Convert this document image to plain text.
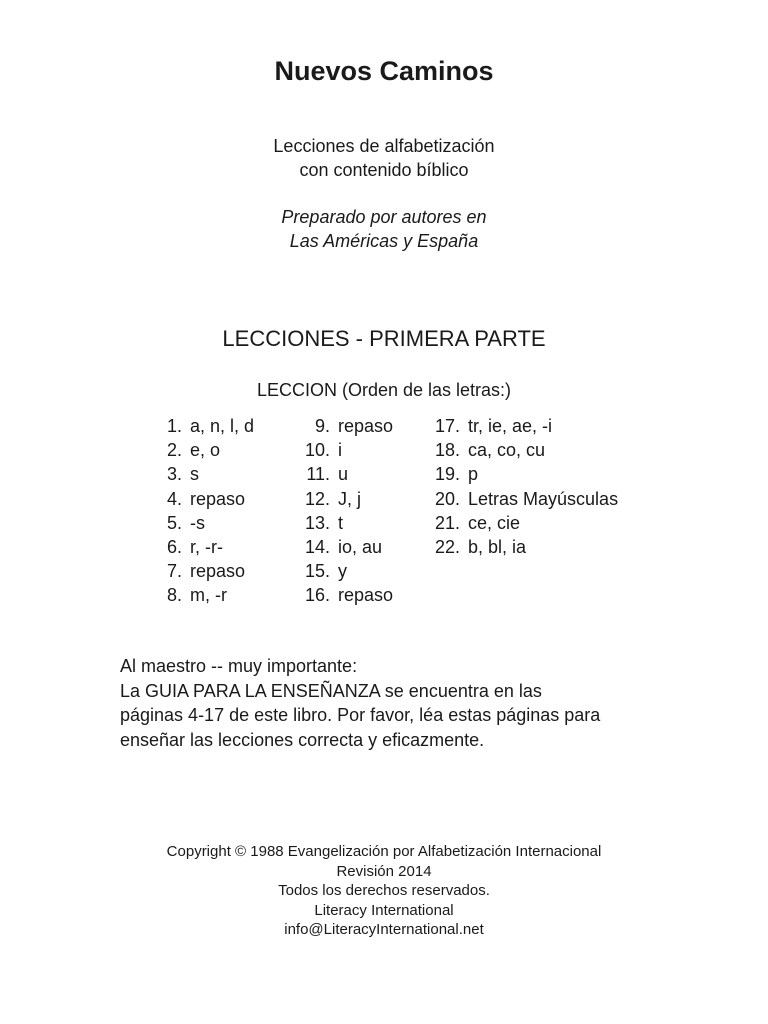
Nuevos Caminos
Lecciones de alfabetización
con contenido bíblico
Preparado por autores en
Las Américas y España
LECCIONES - PRIMERA PARTE
LECCION (Orden de las letras:)
1. a, n, l, d
2. e, o
3. s
4. repaso
5. -s
6. r, -r-
7. repaso
8. m, -r
9. repaso
10. i
11. u
12. J, j
13. t
14. io, au
15. y
16. repaso
17. tr, ie, ae, -i
18. ca, co, cu
19. p
20. Letras Mayúsculas
21. ce, cie
22. b, bl, ia
Al maestro -- muy importante:
La GUIA PARA LA ENSEÑANZA se encuentra en las
páginas 4-17 de este libro. Por favor, léa estas páginas para
enseñar las lecciones correcta y eficazmente.
Copyright © 1988 Evangelización por Alfabetización Internacional
Revisión 2014
Todos los derechos reservados.
Literacy International
info@LiteracyInternational.net
